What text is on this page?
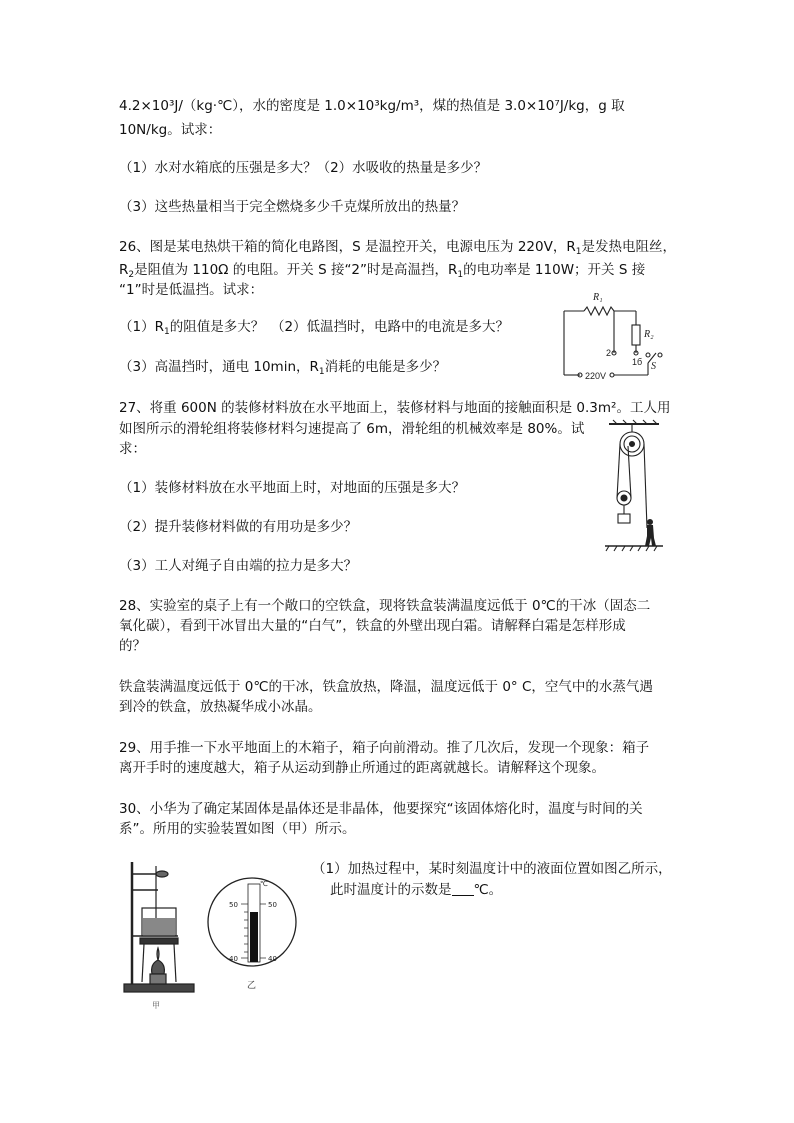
4.2×10³J/（kg·℃），水的密度是 1.0×10³kg/m³，煤的热值是 3.0×10⁷J/kg，g 取
10N/kg。试求：
（1）水对水箱底的压强是多大？（2）水吸收的热量是多少？
（3）这些热量相当于完全燃烧多少千克煤所放出的热量？
26、图是某电热烘干箱的简化电路图，S 是温控开关，电源电压为 220V，$R_1$是发热电阻丝，
$R_2$是阻值为 110Ω 的电阻。开关 S 接“2”时是高温挡，$R_1$的电功率是 110W；开关 S 接
“1”时是低温挡。试求：
$(1)R_1$的阻值是多大？　（2）低温挡时，电路中的电流是多大？
（3）高温挡时，通电 10min，$R_1$消耗的电能是多少？
R₁
R₂
S
2
1б
220V
27、将重 600N 的装修材料放在水平地面上，装修材料与地面的接触面积是 0.3m²。工人用
如图所示的滑轮组将装修材料匀速提高了 6m，滑轮组的机械效率是 80%。试
求：
（1）装修材料放在水平地面上时，对地面的压强是多大？
（2）提升装修材料做的有用功是多少？
（3）工人对绳子自由端的拉力是多大？
28、实验室的桌子上有一个敞口的空铁盒，现将铁盒装满温度远低于 0℃的干冰（固态二
氧化碳），看到干冰冒出大量的“白气”，铁盒的外壁出现白霜。请解释白霜是怎样形成
的？
铁盒装满温度远低于 0℃的干冰，铁盒放热，降温，温度远低于 0° C，空气中的水蒸气遇
到冷的铁盒，放热凝华成小冰晶。
29、用手推一下水平地面上的木箱子，箱子向前滑动。推了几次后，发现一个现象：箱子
离开手时的速度越大，箱子从运动到静止所通过的距离就越长。请解释这个现象。
30、小华为了确定某固体是晶体还是非晶体，他要探究“该固体熔化时，温度与时间的关
系”。所用的实验装置如图（甲）所示。
（1）加热过程中，某时刻温度计中的液面位置如图乙所示，
此时温度计的示数是 ℃。
甲
℃
50	50
40	40
乙
